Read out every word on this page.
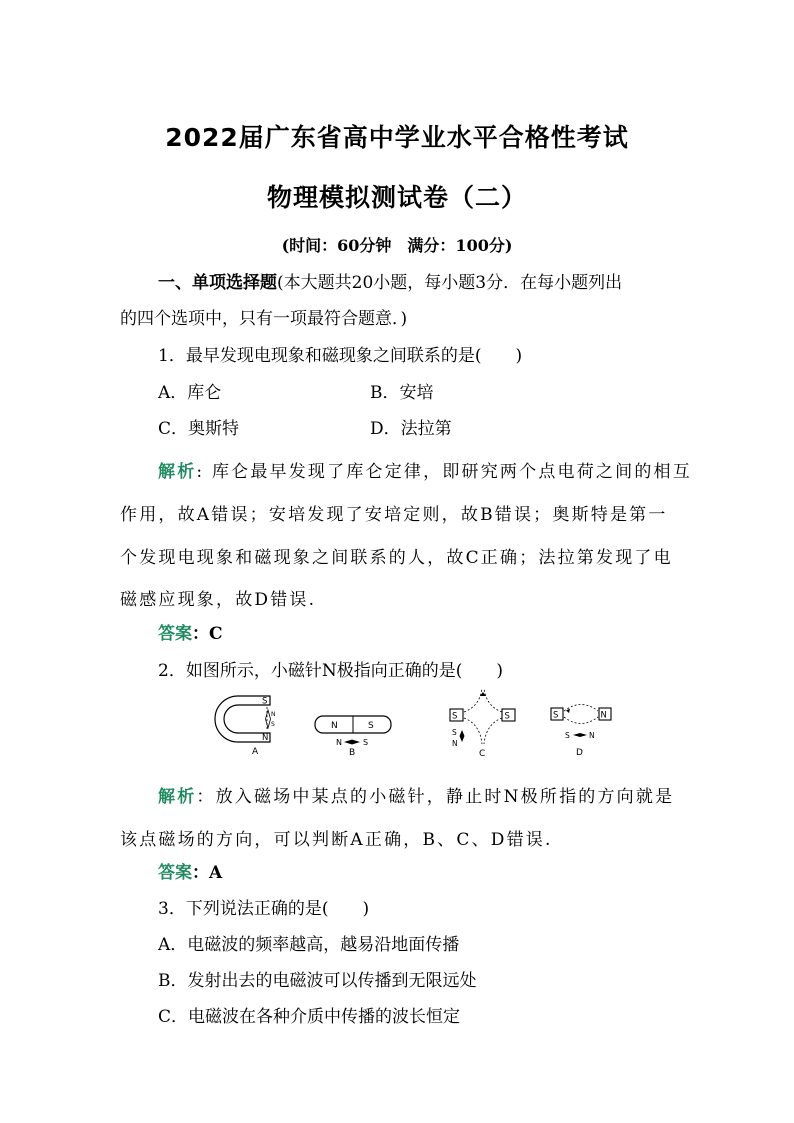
2022届广东省高中学业水平合格性考试
物理模拟测试卷（二）
(时间：60分钟　满分：100分)
一、单项选择题(本大题共20小题，每小题3分．在每小题列出
的四个选项中，只有一项最符合题意．)
1．最早发现电现象和磁现象之间联系的是(　　)
A．库仑	B．安培
C．奥斯特	D．法拉第
解析: 库仑最早发现了库仑定律，即研究两个点电荷之间的相互
作用，故A错误；安培发现了安培定则，故B错误；奥斯特是第一
个发现电现象和磁现象之间联系的人，故C正确；法拉第发现了电
磁感应现象，故D错误.
答案：C
2．如图所示，小磁针N极指向正确的是(　　)
S
N
N
S
A
N	S
N	S
B
S	S
S
N
C
S	N
S	N
D
解析：放入磁场中某点的小磁针，静止时N极所指的方向就是
该点磁场的方向，可以判断A正确，B、C、D错误.
答案：A
3．下列说法正确的是(　　)
A．电磁波的频率越高，越易沿地面传播
B．发射出去的电磁波可以传播到无限远处
C．电磁波在各种介质中传播的波长恒定
